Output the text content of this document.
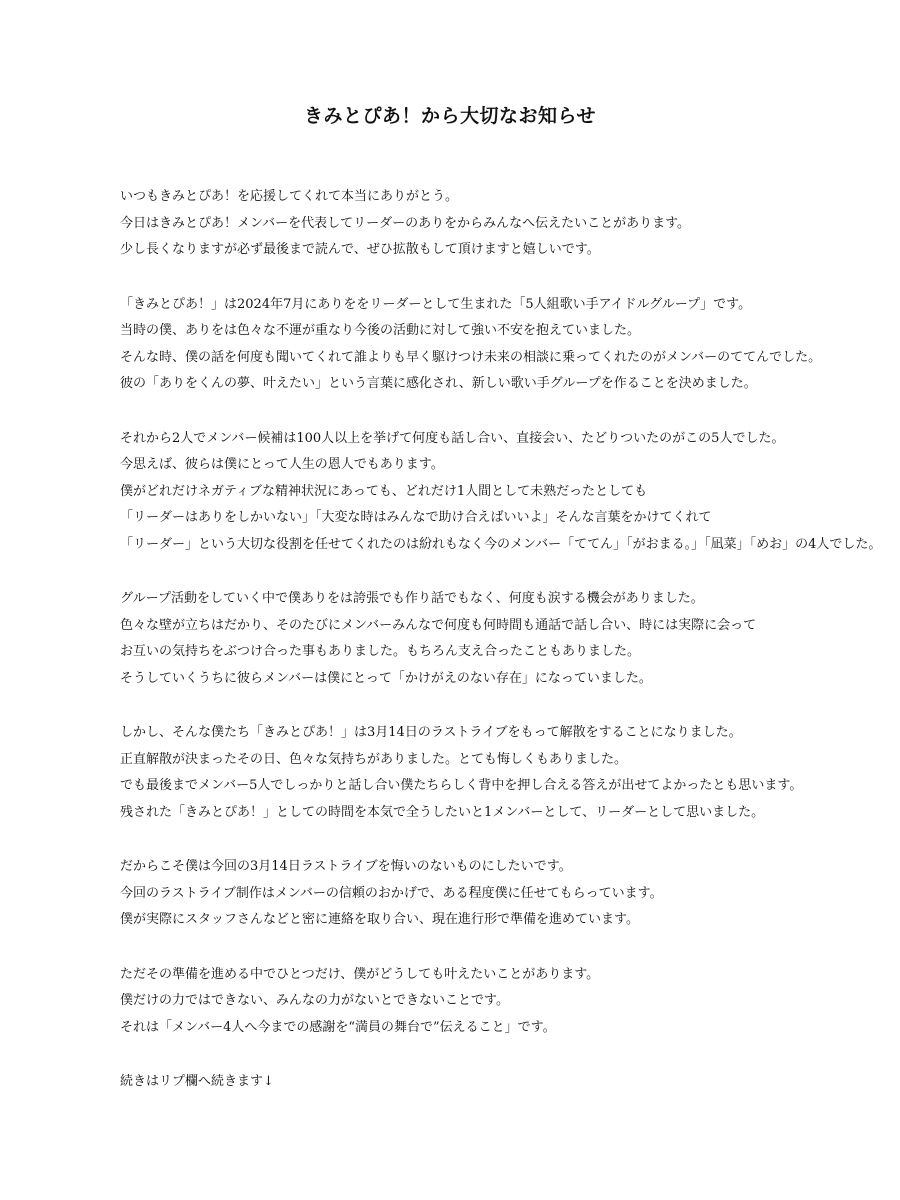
きみとぴあ！から大切なお知らせ
いつもきみとぴあ！を応援してくれて本当にありがとう。
今日はきみとぴあ！メンバーを代表してリーダーのありをからみんなへ伝えたいことがあります。
少し長くなりますが必ず最後まで読んで、ぜひ拡散もして頂けますと嬉しいです。
「きみとぴあ！」は2024年7月にありををリーダーとして生まれた「5人組歌い手アイドルグループ」です。
当時の僕、ありをは色々な不運が重なり今後の活動に対して強い不安を抱えていました。
そんな時、僕の話を何度も聞いてくれて誰よりも早く駆けつけ未来の相談に乗ってくれたのがメンバーのててんでした。
彼の「ありをくんの夢、叶えたい」という言葉に感化され、新しい歌い手グループを作ることを決めました。
それから2人でメンバー候補は100人以上を挙げて何度も話し合い、直接会い、たどりついたのがこの5人でした。
今思えば、彼らは僕にとって人生の恩人でもあります。
僕がどれだけネガティブな精神状況にあっても、どれだけ1人間として未熟だったとしても
「リーダーはありをしかいない」「大変な時はみんなで助け合えばいいよ」そんな言葉をかけてくれて
「リーダー」という大切な役割を任せてくれたのは紛れもなく今のメンバー「ててん」「がおまる。」「凪菜」「めお」の4人でした。
グループ活動をしていく中で僕ありをは誇張でも作り話でもなく、何度も涙する機会がありました。
色々な壁が立ちはだかり、そのたびにメンバーみんなで何度も何時間も通話で話し合い、時には実際に会って
お互いの気持ちをぶつけ合った事もありました。もちろん支え合ったこともありました。
そうしていくうちに彼らメンバーは僕にとって「かけがえのない存在」になっていました。
しかし、そんな僕たち「きみとぴあ！」は3月14日のラストライブをもって解散をすることになりました。
正直解散が決まったその日、色々な気持ちがありました。とても悔しくもありました。
でも最後までメンバー5人でしっかりと話し合い僕たちらしく背中を押し合える答えが出せてよかったとも思います。
残された「きみとぴあ！」としての時間を本気で全うしたいと1メンバーとして、リーダーとして思いました。
だからこそ僕は今回の3月14日ラストライブを悔いのないものにしたいです。
今回のラストライブ制作はメンバーの信頼のおかげで、ある程度僕に任せてもらっています。
僕が実際にスタッフさんなどと密に連絡を取り合い、現在進行形で準備を進めています。
ただその準備を進める中でひとつだけ、僕がどうしても叶えたいことがあります。
僕だけの力ではできない、みんなの力がないとできないことです。
それは「メンバー4人へ今までの感謝を“満員の舞台で”伝えること」です。
続きはリプ欄へ続きます↓
